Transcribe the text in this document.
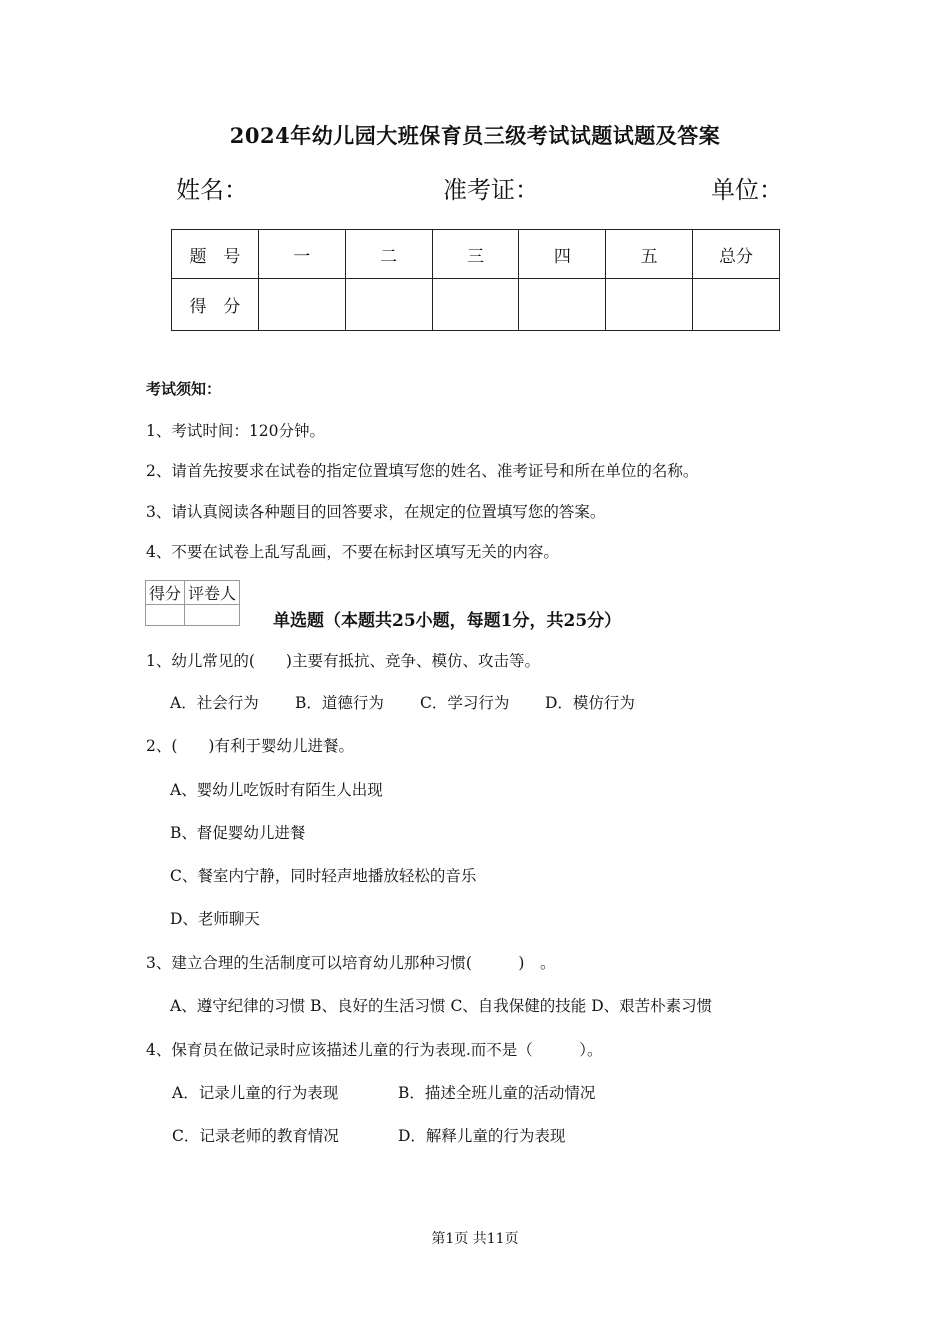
2024年幼儿园大班保育员三级考试试题试题及答案
姓名：	准考证：	单位：
题　号	一	二	三	四	五	总分
得　分						
考试须知：
1、考试时间：120分钟。
2、请首先按要求在试卷的指定位置填写您的姓名、准考证号和所在单位的名称。
3、请认真阅读各种题目的回答要求，在规定的位置填写您的答案。
4、不要在试卷上乱写乱画，不要在标封区填写无关的内容。
得分	评卷人

单选题（本题共25小题，每题1分，共25分）
1、幼儿常见的(　　)主要有抵抗、竞争、模仿、攻击等。
A．社会行为 B．道德行为 C．学习行为 D．模仿行为
2、(　　)有利于婴幼儿进餐。
A、婴幼儿吃饭时有陌生人出现
B、督促婴幼儿进餐
C、餐室内宁静，同时轻声地播放轻松的音乐
D、老师聊天
3、建立合理的生活制度可以培育幼儿那种习惯(　　　)　。
A、遵守纪律的习惯 B、良好的生活习惯 C、自我保健的技能 D、艰苦朴素习惯
4、保育员在做记录时应该描述儿童的行为表现.而不是（　　　）。
A．记录儿童的行为表现	B．描述全班儿童的活动情况
C．记录老师的教育情况	D．解释儿童的行为表现
第1页 共11页
